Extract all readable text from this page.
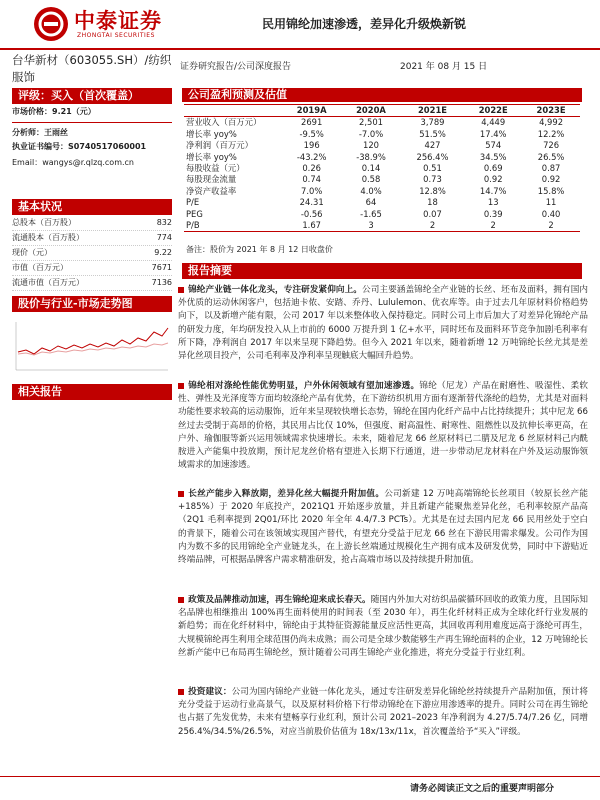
中泰证券
ZHONGTAI SECURITIES
民用锦纶加速渗透，差异化升级焕新锐
台华新材（603055.SH）/纺织服饰
证券研究报告/公司深度报告	2021 年 08 月 15 日
评级：买入（首次覆盖）
市场价格：9.21（元）
分析师：王雨丝
执业证书编号：S0740517060001
Email：wangys@r.qlzq.com.cn
基本状况
总股本（百万股）	832
流通股本（百万股）	774
现价（元）	9.22
市值（百万元）	7671
流通市值（百万元）	7136
股价与行业-市场走势图
相关报告
公司盈利预测及估值
	2019A	2020A	2021E	2022E	2023E
营业收入（百万元）	2691	2,501	3,789	4,449	4,992
增长率 yoy%	-9.5%	-7.0%	51.5%	17.4%	12.2%
净利润（百万元）	196	120	427	574	726
增长率 yoy%	-43.2%	-38.9%	256.4%	34.5%	26.5%
每股收益（元）	0.26	0.14	0.51	0.69	0.87
每股现金流量	0.74	0.58	0.73	0.92	0.92
净资产收益率	7.0%	4.0%	12.8%	14.7%	15.8%
P/E	24.31	64	18	13	11
PEG	-0.56	-1.65	0.07	0.39	0.40
P/B	1.67	3	2	2	2
备注：股价为 2021 年 8 月 12 日收盘价
报告摘要
锦纶产业链一体化龙头，专注研发紧仰向上。公司主要涵盖锦纶全产业链的长丝、坯布及面料，拥有国内外优质的运动休闲客户，包括迪卡侬、安踏、乔丹、Lululemon、优衣库等。由于过去几年原材料价格趋势向下，以及新增产能有限，公司 2017 年以来整体收入保持稳定。同时公司上市后加大了对差异化锦纶产品的研发力度，年均研发投入从上市前的 6000 万提升到 1 亿+水平，同时坯布及面料环节竞争加剧毛利率有所下降，净利润自 2017 年以来呈现下降趋势。但今入 2021 年以来，随着新增 12 万吨锦纶长丝尤其是差异化丝项目投产，公司毛利率及净利率呈现触底大幅回升趋势。
锦纶相对涤纶性能优势明显，户外休闲领域有望加速渗透。锦纶（尼龙）产品在耐磨性、吸湿性、柔软性、弹性及光泽度等方面均较涤纶产品有优势，在下游纺织机用方面有逐渐替代涤纶的趋势，尤其是对面料功能性要求较高的运动服饰，近年来呈现较快增长态势，锦纶在国内化纤产品中占比持续提升；其中尼龙 66 丝过去受制于高昂的价格，其民用占比仅 10%，但强度、耐高温性、耐寒性、阻燃性以及抗伸长率更高，在户外、瑜伽服等新兴运用领域需求快速增长。未来，随着尼龙 66 丝原材料已二腈及尼龙 6 丝原材料己内酰胺进入产能集中投放期，预计尼龙丝价格有望进入长期下行通道，进一步带动尼龙材料在户外及运动服饰领域需求的加速渗透。
长丝产能步入释放期，差异化丝大幅提升附加值。公司新建 12 万吨高端锦纶长丝项目（较原长丝产能+185%）于 2020 年底投产，2021Q1 开始逐步放量，并且新建产能聚焦差异化丝，毛利率较原产品高（2Q1 毛利率提到 2Q01/环比 2020 年全年 4.4/7.3 PCTs）。尤其是在过去国内尼龙 66 民用丝处于空白的背景下，随着公司在该领域实现国产替代，有望充分受益于尼龙 66 丝在下游民用需求爆发。公司作为国内为数不多的民用锦纶全产业链龙头，在上游长丝端通过规模化生产拥有成本及研发优势，同时中下游贴近终端品牌，可根据品牌客户需求精准研发，抢占高端市场以及持续提升附加值。
政策及品牌推动加速，再生锦纶迎来成长春天。随国内外加大对纺织品碳循环回收的政策力度，且国际知名品牌也相继推出 100%再生面料使用的时间表（至 2030 年），再生化纤材料正成为全球化纤行业发展的新趋势；而在化纤材料中，锦纶由于其特征资源能量反应活性更高，其回收再利用难度远高于涤纶可再生，大规模锦纶再生利用全球范围仍尚未成熟；而公司是全球少数能够生产再生锦纶面料的企业，12 万吨锦纶长丝新产能中已布局再生锦纶丝，预计随着公司再生锦纶产业化推进，将充分受益于行业红利。
投资建议：公司为国内锦纶产业链一体化龙头，通过专注研发差异化锦纶丝持续提升产品附加值，预计将充分受益于运动行业高景气，以及原材料价格下行带动锦纶在下游应用渗透率的提升。同时公司在再生锦纶也占据了先发优势，未来有望畅享行业红利，预计公司 2021–2023 年净利润为 4.27/5.74/7.26 亿，同增 256.4%/34.5%/26.5%，对应当前股价估值为 18x/13x/11x，首次覆盖给予“买入”评级。
请务必阅读正文之后的重要声明部分
